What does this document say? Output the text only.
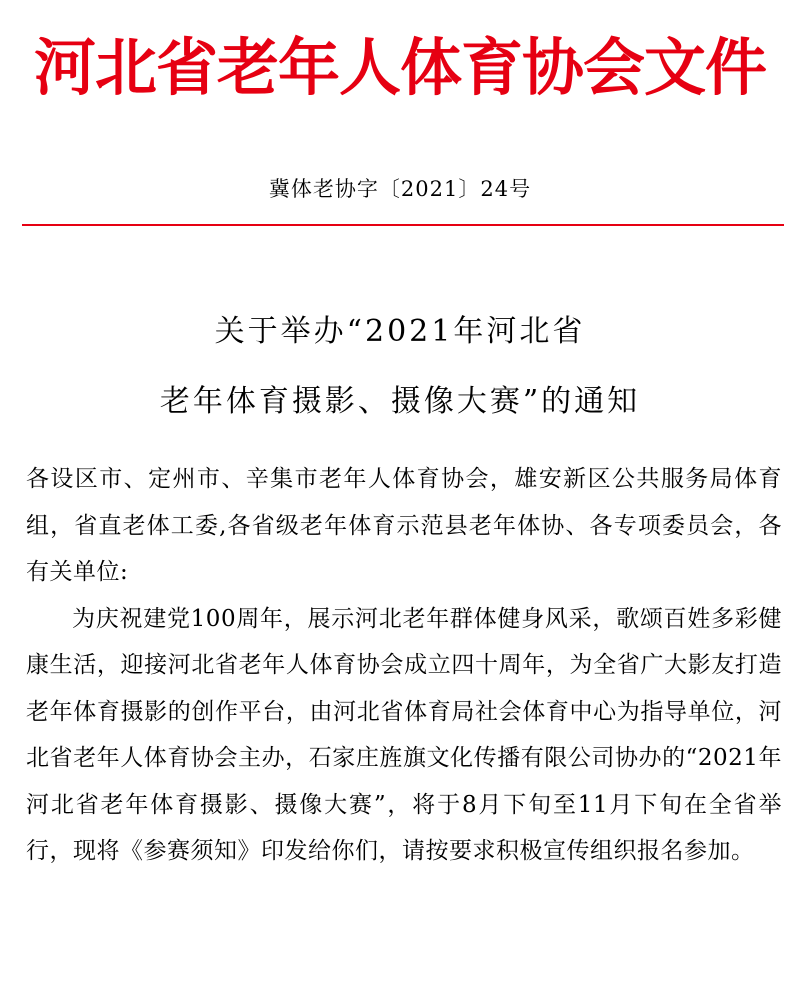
河北省老年人体育协会文件
冀体老协字〔2021〕24号
关于举办“2021年河北省
老年体育摄影、摄像大赛”的通知

各设区市、定州市、辛集市老年人体育协会，雄安新区公共服务局体育组，省直老体工委,各省级老年体育示范县老年体协、各专项委员会，各有关单位:

为庆祝建党100周年，展示河北老年群体健身风采，歌颂百姓多彩健康生活，迎接河北省老年人体育协会成立四十周年，为全省广大影友打造老年体育摄影的创作平台，由河北省体育局社会体育中心为指导单位，河北省老年人体育协会主办，石家庄旌旗文化传播有限公司协办的“2021年河北省老年体育摄影、摄像大赛”，将于8月下旬至11月下旬在全省举行，现将《参赛须知》印发给你们，请按要求积极宣传组织报名参加。
